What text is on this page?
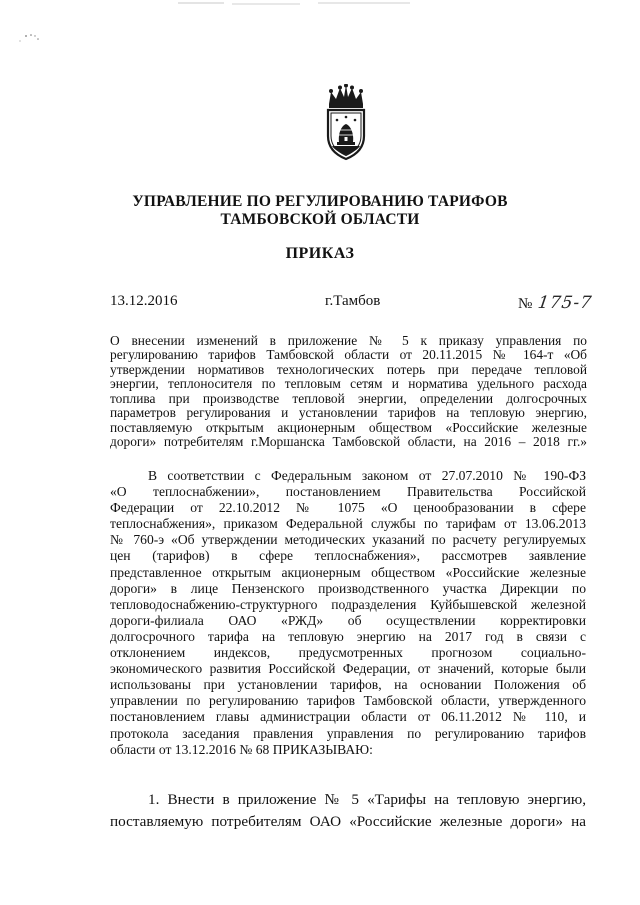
УПРАВЛЕНИЕ ПО РЕГУЛИРОВАНИЮ ТАРИФОВ
ТАМБОВСКОЙ ОБЛАСТИ
ПРИКАЗ
13.12.2016	г.Тамбов	№ 175-7
О внесении изменений в приложение № 5 к приказу управления по
регулированию тарифов Тамбовской области от 20.11.2015 № 164-т «Об
утверждении нормативов технологических потерь при передаче тепловой
энергии, теплоносителя по тепловым сетям и норматива удельного расхода
топлива при производстве тепловой энергии, определении долгосрочных
параметров регулирования и установлении тарифов на тепловую энергию,
поставляемую открытым акционерным обществом «Российские железные
дороги» потребителям г.Моршанска Тамбовской области, на 2016 – 2018 гг.»
В соответствии с Федеральным законом от 27.07.2010 № 190-ФЗ
«О теплоснабжении», постановлением Правительства Российской
Федерации от 22.10.2012 № 1075 «О ценообразовании в сфере
теплоснабжения», приказом Федеральной службы по тарифам от 13.06.2013
№ 760-э «Об утверждении методических указаний по расчету регулируемых
цен (тарифов) в сфере теплоснабжения», рассмотрев заявление
представленное открытым акционерным обществом «Российские железные
дороги» в лице Пензенского производственного участка Дирекции по
тепловодоснабжению-структурного подразделения Куйбышевской железной
дороги-филиала ОАО «РЖД» об осуществлении корректировки
долгосрочного тарифа на тепловую энергию на 2017 год в связи с
отклонением индексов, предусмотренных прогнозом социально-
экономического развития Российской Федерации, от значений, которые были
использованы при установлении тарифов, на основании Положения об
управлении по регулированию тарифов Тамбовской области, утвержденного
постановлением главы администрации области от 06.11.2012 № 110, и
протокола заседания правления управления по регулированию тарифов
области от 13.12.2016 № 68 ПРИКАЗЫВАЮ:
1. Внести в приложение № 5 «Тарифы на тепловую энергию,
поставляемую потребителям ОАО «Российские железные дороги» на
